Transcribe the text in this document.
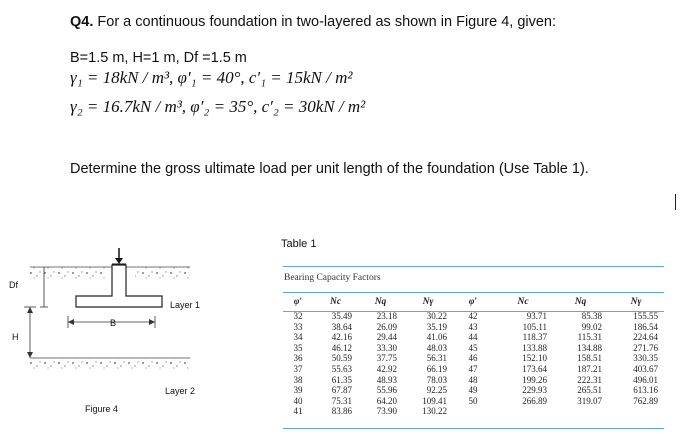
Q4. For a continuous foundation in two-layered as shown in Figure 4, given:
B=1.5 m, H=1 m, Df =1.5 m
γ₁ = 18kN / m³, φ′₁ = 40°, c′₁ = 15kN / m²
γ₂ = 16.7kN / m³, φ′₂ = 35°, c′₂ = 30kN / m²
Determine the gross ultimate load per unit length of the foundation (Use Table 1).
Df
B
H
Layer 1
Layer 2
Figure 4
Table 1
Bearing Capacity Factors
φ′	Nc	Nq	Nγ	φ′	Nc	Nq	Nγ
32	35.49	23.18	30.22	42	93.71	85.38	155.55
33	38.64	26.09	35.19	43	105.11	99.02	186.54
34	42.16	29.44	41.06	44	118.37	115.31	224.64
35	46.12	33.30	48.03	45	133.88	134.88	271.76
36	50.59	37.75	56.31	46	152.10	158.51	330.35
37	55.63	42.92	66.19	47	173.64	187.21	403.67
38	61.35	48.93	78.03	48	199.26	222.31	496.01
39	67.87	55.96	92.25	49	229.93	265.51	613.16
40	75.31	64.20	109.41	50	266.89	319.07	762.89
41	83.86	73.90	130.22				
